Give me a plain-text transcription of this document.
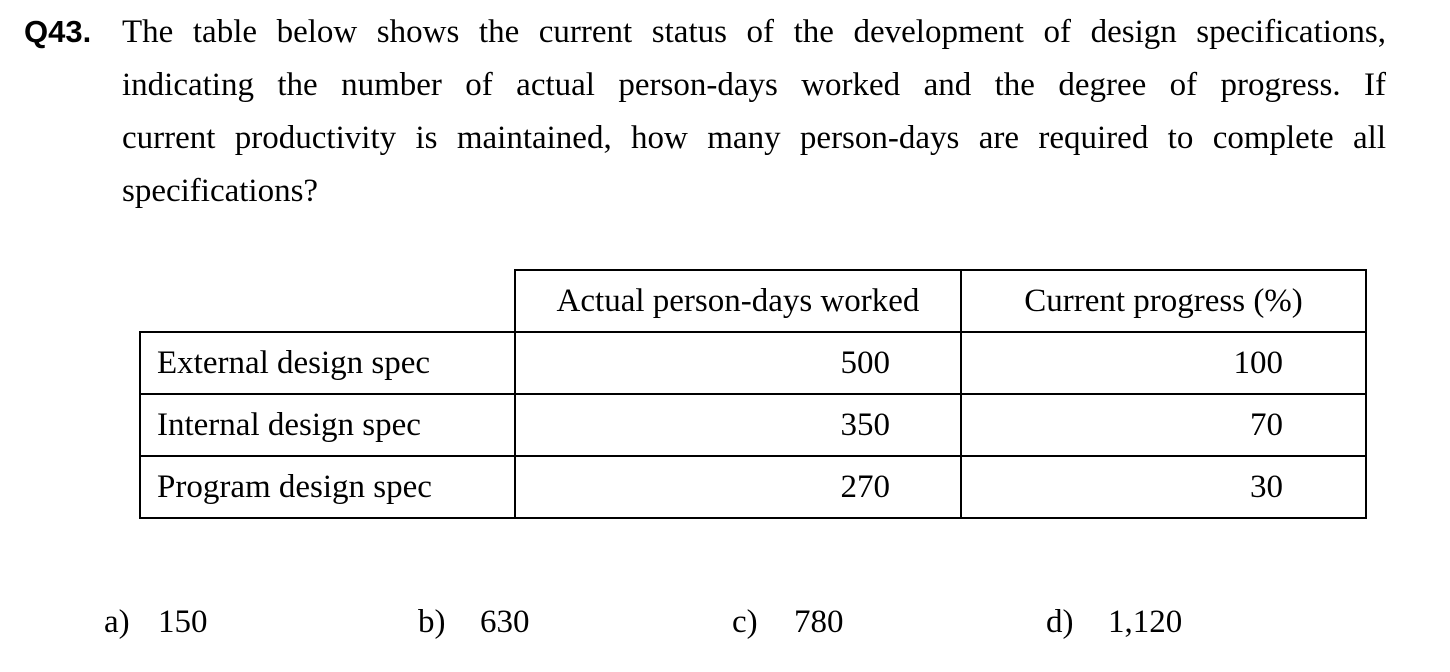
Q43. The table below shows the current status of the development of design specifications,
indicating the number of actual person-days worked and the degree of progress. If
current productivity is maintained, how many person-days are required to complete all
specifications?
	Actual person-days worked	Current progress (%)
External design spec	500	100
Internal design spec	350	70
Program design spec	270	30
a) 150	b) 630	c) 780	d) 1,120
